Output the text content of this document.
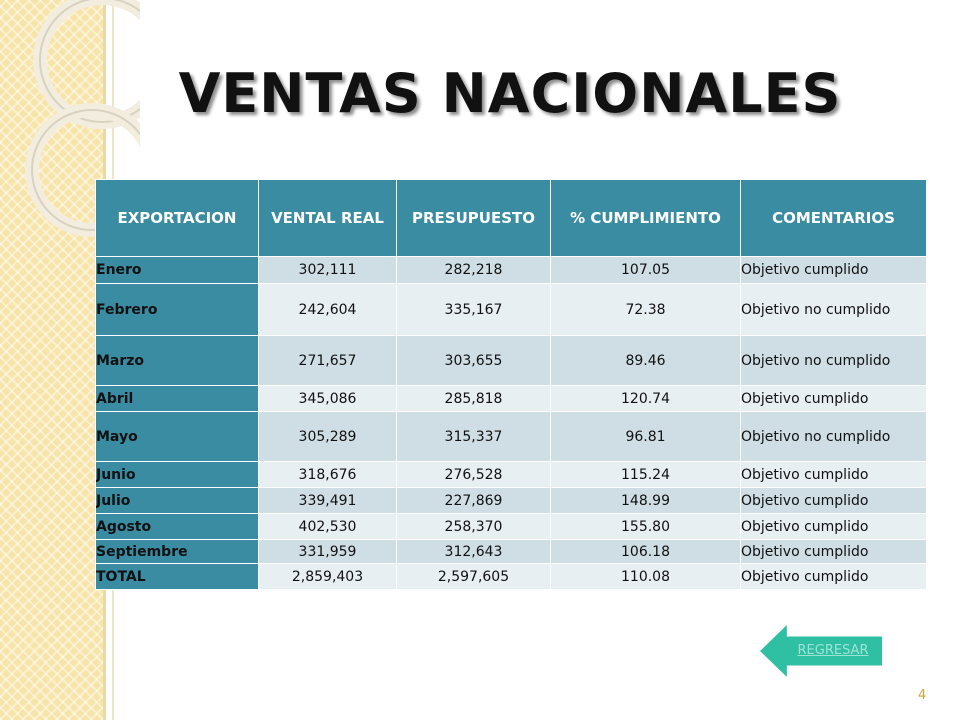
VENTAS NACIONALES
EXPORTACION	VENTAL REAL	PRESUPUESTO	% CUMPLIMIENTO	COMENTARIOS
Enero	302,111	282,218	107.05	Objetivo cumplido
Febrero	242,604	335,167	72.38	Objetivo no cumplido
Marzo	271,657	303,655	89.46	Objetivo no cumplido
Abril	345,086	285,818	120.74	Objetivo cumplido
Mayo	305,289	315,337	96.81	Objetivo no cumplido
Junio	318,676	276,528	115.24	Objetivo cumplido
Julio	339,491	227,869	148.99	Objetivo cumplido
Agosto	402,530	258,370	155.80	Objetivo cumplido
Septiembre	331,959	312,643	106.18	Objetivo cumplido
TOTAL	2,859,403	2,597,605	110.08	Objetivo cumplido
REGRESAR
4
